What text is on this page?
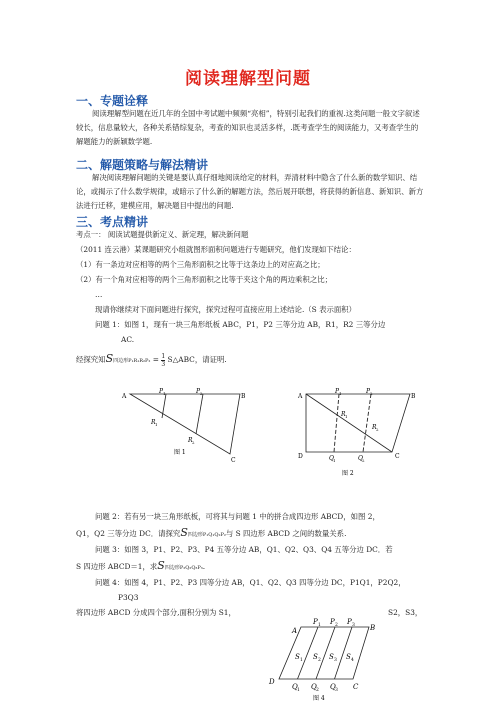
阅读理解型问题
一、专题诠释
阅读理解型问题在近几年的全国中考试题中频频“亮相”，特别引起我们的重视.这类问题一般文字叙述较长，信息量较大，各种关系错综复杂，考查的知识也灵活多样，.既考查学生的阅读能力，又考查学生的解题能力的新颖数学题.
二、解题策略与解法精讲
解决阅读理解问题的关键是要认真仔细地阅读给定的材料，弄清材料中隐含了什么新的数学知识、结论，或揭示了什么数学规律，或暗示了什么新的解题方法，然后展开联想，将获得的新信息、新知识、新方法进行迁移，建模应用，解决题目中提出的问题.
三、考点精讲
考点一： 阅读试题提供新定义、新定理，解决新问题
（2011 连云港）某课题研究小组就图形面积问题进行专题研究，他们发现如下结论：
（1）有一条边对应相等的两个三角形面积之比等于这条边上的对应高之比；
（2）有一个角对应相等的两个三角形面积之比等于夹这个角的两边乘积之比；
…
现请你继续对下面问题进行探究，探究过程可直接应用上述结论.（S 表示面积）
问题 1：如图 1，现有一块三角形纸板 ABC，P1，P2 三等分边 AB，R1，R2 三等分边
AC.
经探究知S四边形$P_1R_1R_2P_2 = \frac{1}{3}$ S△ABC，请证明.
A	B
C
P 1	P 2
R 1
R 2
图 1
A	B
C
D
P 1	P 2
R 1
R 2
Q 1	Q 2
图 2
问题 2：若有另一块三角形纸板，可将其与问题 1 中的拼合成四边形 ABCD，如图 2，
Q1，Q2 三等分边 DC．请探究S四边形P₁Q₁Q₂P₂与 S 四边形 ABCD 之间的数量关系.
问题 3：如图 3，P1、P2、P3、P4 五等分边 AB，Q1、Q2、Q3、Q4 五等分边 DC．若
S 四边形 ABCD＝1，求S四边形P₂Q₂Q₃P₃.
问题 4：如图 4，P1、P2、P3 四等分边 AB，Q1、Q2、Q3 四等分边 DC，P1Q1，P2Q2，
P3Q3
将四边形 ABCD 分成四个部分,面积分别为 S1，	S2，S3，
A	B
C
D
P 1 P 2 P 3
S 1 S 2 S 3 S 4
Q 1 Q 2 Q 3
图 4
